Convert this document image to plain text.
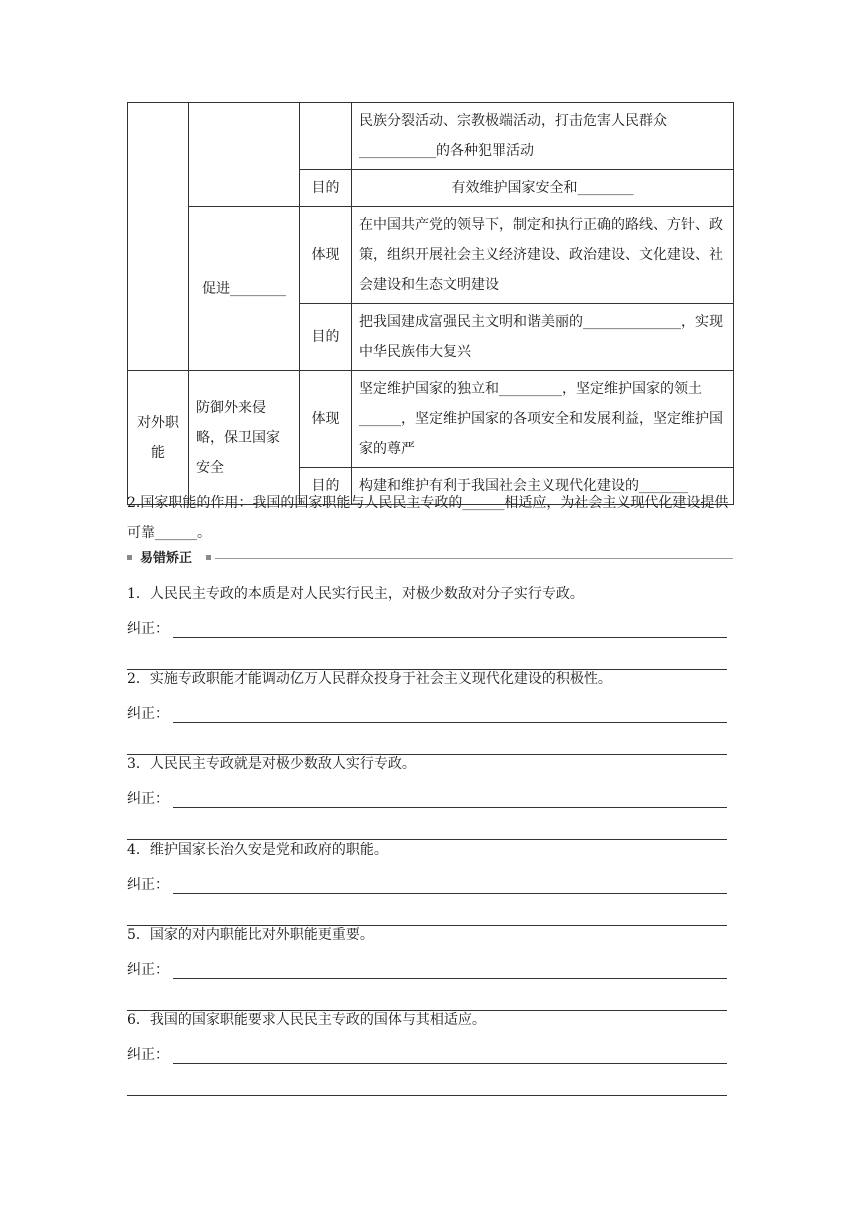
			民族分裂活动、宗教极端活动，打击危害人民群众
___________的各种犯罪活动

		目的	有效维护国家安全和________
	促进________	体现	在中国共产党的领导下，制定和执行正确的路线、方针、政策，组织开展社会主义经济建设、政治建设、文化建设、社会建设和生态文明建设
		目的	把我国建成富强民主文明和谐美丽的______________，实现中华民族伟大复兴
对外职能	防御外来侵略，保卫国家安全	体现	坚定维护国家的独立和_________，坚定维护国家的领土______，坚定维护国家的各项安全和发展利益，坚定维护国家的尊严
		目的	构建和维护有利于我国社会主义现代化建设的_______
2.国家职能的作用：我国的国家职能与人民民主专政的______相适应，为社会主义现代化建设提供可靠______。
易错矫正
1．人民民主专政的本质是对人民实行民主，对极少数敌对分子实行专政。
纠正：
2．实施专政职能才能调动亿万人民群众投身于社会主义现代化建设的积极性。
纠正：
3．人民民主专政就是对极少数敌人实行专政。
纠正：
4．维护国家长治久安是党和政府的职能。
纠正：
5．国家的对内职能比对外职能更重要。
纠正：
6．我国的国家职能要求人民民主专政的国体与其相适应。
纠正：
